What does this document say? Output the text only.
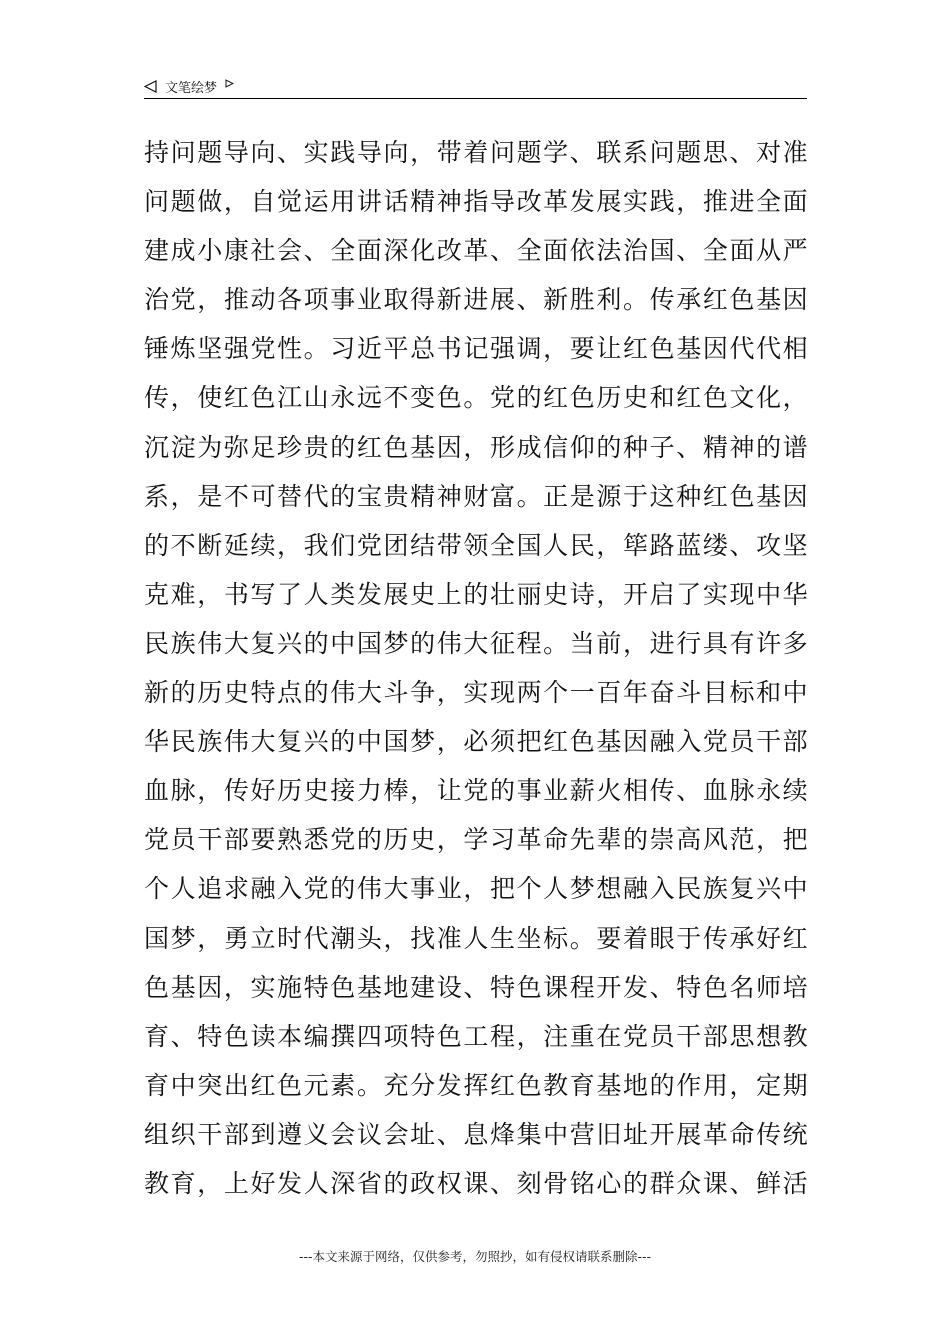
文笔绘梦
持问题导向、实践导向，带着问题学、联系问题思、对准
问题做，自觉运用讲话精神指导改革发展实践，推进全面
建成小康社会、全面深化改革、全面依法治国、全面从严
治党，推动各项事业取得新进展、新胜利。传承红色基因
锤炼坚强党性。习近平总书记强调，要让红色基因代代相
传，使红色江山永远不变色。党的红色历史和红色文化，
沉淀为弥足珍贵的红色基因，形成信仰的种子、精神的谱
系，是不可替代的宝贵精神财富。正是源于这种红色基因
的不断延续，我们党团结带领全国人民，筚路蓝缕、攻坚
克难，书写了人类发展史上的壮丽史诗，开启了实现中华
民族伟大复兴的中国梦的伟大征程。当前，进行具有许多
新的历史特点的伟大斗争，实现两个一百年奋斗目标和中
华民族伟大复兴的中国梦，必须把红色基因融入党员干部
血脉，传好历史接力棒，让党的事业薪火相传、血脉永续
党员干部要熟悉党的历史，学习革命先辈的崇高风范，把
个人追求融入党的伟大事业，把个人梦想融入民族复兴中
国梦，勇立时代潮头，找准人生坐标。要着眼于传承好红
色基因，实施特色基地建设、特色课程开发、特色名师培
育、特色读本编撰四项特色工程，注重在党员干部思想教
育中突出红色元素。充分发挥红色教育基地的作用，定期
组织干部到遵义会议会址、息烽集中营旧址开展革命传统
教育，上好发人深省的政权课、刻骨铭心的群众课、鲜活
---本文来源于网络，仅供参考，勿照抄，如有侵权请联系删除---
